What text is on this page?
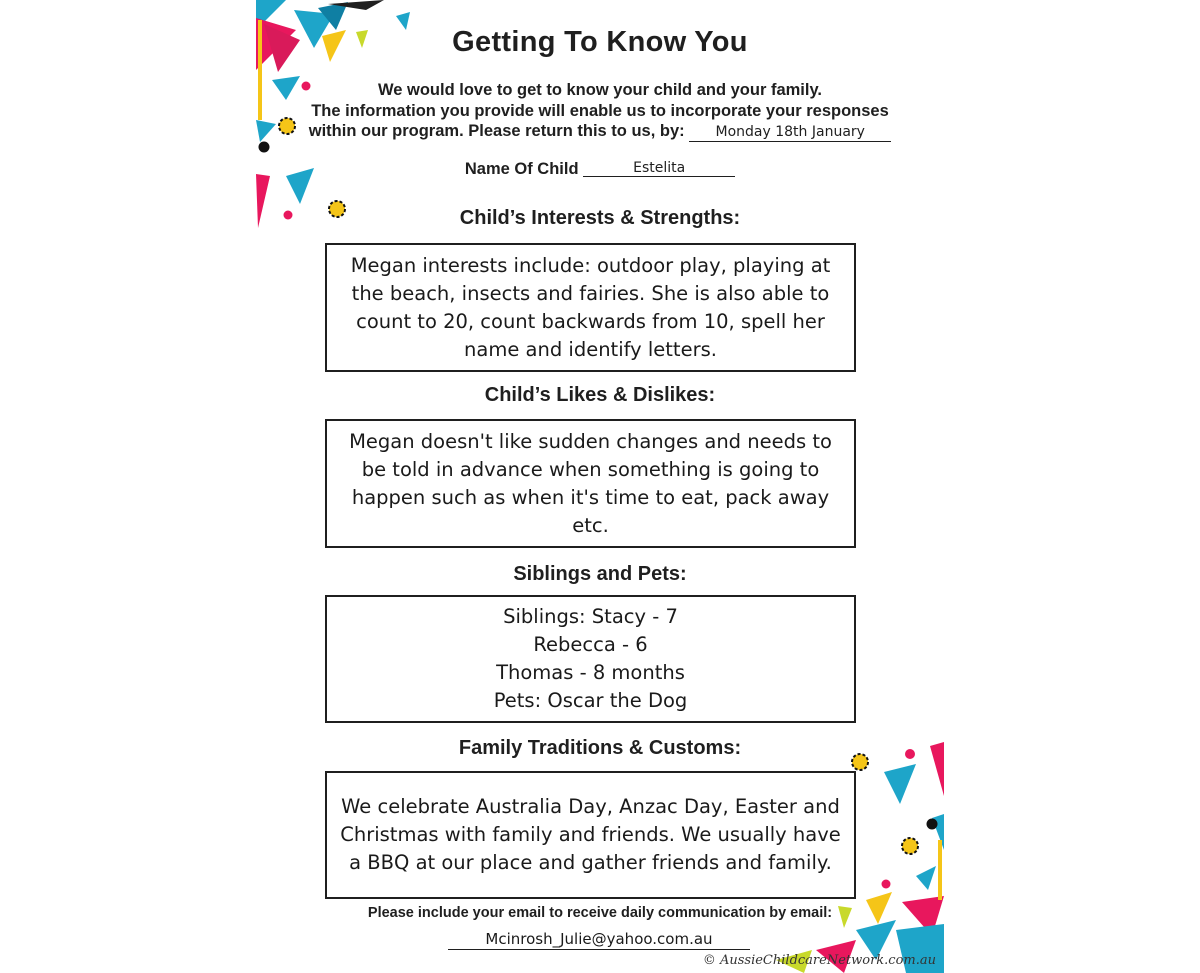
Getting To Know You
We would love to get to know your child and your family.
The information you provide will enable us to incorporate your responses
within our program. Please return this to us, by: Monday 18th January
Name Of Child	Estelita
Child’s Interests & Strengths:
Megan interests include: outdoor play, playing at the beach, insects and fairies. She is also able to count to 20, count backwards from 10, spell her name and identify letters.
Child’s Likes & Dislikes:
Megan doesn't like sudden changes and needs to be told in advance when something is going to happen such as when it's time to eat, pack away etc.
Siblings and Pets:
Siblings: Stacy - 7
Rebecca - 6
Thomas - 8 months
Pets: Oscar the Dog
Family Traditions & Customs:
We celebrate Australia Day, Anzac Day, Easter and Christmas with family and friends. We usually have a BBQ at our place and gather friends and family.
Please include your email to receive daily communication by email:
Mcinrosh_Julie@yahoo.com.au
© AussieChildcareNetwork.com.au
